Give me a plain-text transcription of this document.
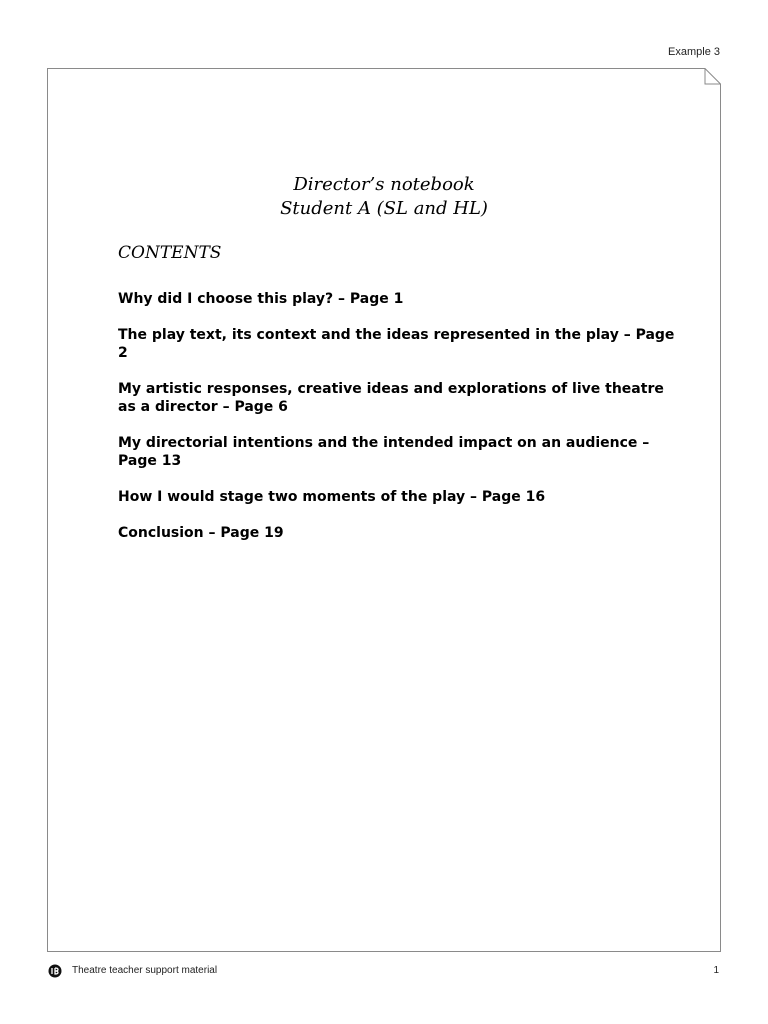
Example 3
Director’s notebook
Student A (SL and HL)
CONTENTS
Why did I choose this play? – Page 1
The play text, its context and the ideas represented in the play – Page 2
My artistic responses, creative ideas and explorations of live theatre as a director – Page 6
My directorial intentions and the intended impact on an audience – Page 13
How I would stage two moments of the play – Page 16
Conclusion – Page 19
Theatre teacher support material	1
